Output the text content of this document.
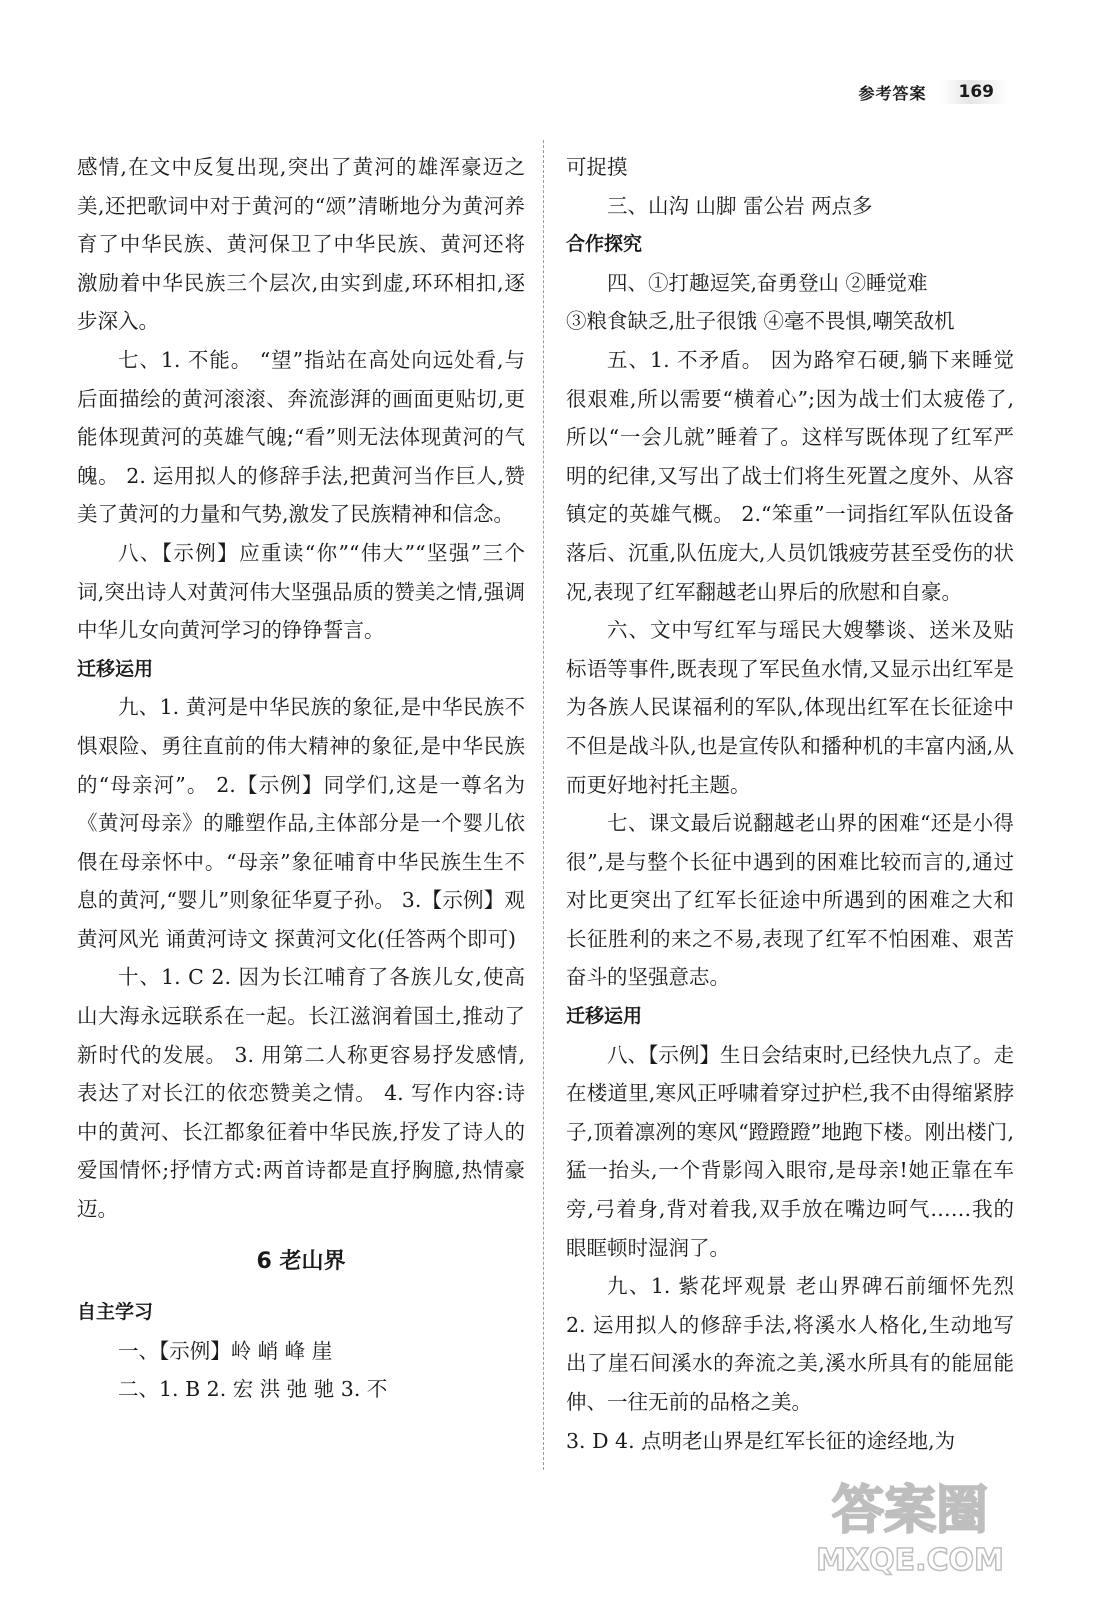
参考答案	169

感情,在文中反复出现,突出了黄河的雄浑豪迈之美,还把歌词中对于黄河的“颂”清晰地分为黄河养育了中华民族、黄河保卫了中华民族、黄河还将激励着中华民族三个层次,由实到虚,环环相扣,逐步深入。

七、1. 不能。 “望”指站在高处向远处看,与后面描绘的黄河滚滚、奔流澎湃的画面更贴切,更能体现黄河的英雄气魄;“看”则无法体现黄河的气魄。 2. 运用拟人的修辞手法,把黄河当作巨人,赞美了黄河的力量和气势,激发了民族精神和信念。

八、【示例】应重读“你”“伟大”“坚强”三个词,突出诗人对黄河伟大坚强品质的赞美之情,强调中华儿女向黄河学习的铮铮誓言。

迁移运用

九、1. 黄河是中华民族的象征,是中华民族不惧艰险、勇往直前的伟大精神的象征,是中华民族的“母亲河”。 2.【示例】同学们,这是一尊名为《黄河母亲》的雕塑作品,主体部分是一个婴儿依偎在母亲怀中。“母亲”象征哺育中华民族生生不息的黄河,“婴儿”则象征华夏子孙。 3.【示例】观黄河风光 诵黄河诗文 探黄河文化(任答两个即可)

十、1. C 2. 因为长江哺育了各族儿女,使高山大海永远联系在一起。长江滋润着国土,推动了新时代的发展。 3. 用第二人称更容易抒发感情,表达了对长江的依恋赞美之情。 4. 写作内容:诗中的黄河、长江都象征着中华民族,抒发了诗人的爱国情怀;抒情方式:两首诗都是直抒胸臆,热情豪迈。

6 老山界

自主学习

一、【示例】岭 峭 峰 崖

二、1. B 2. 宏 洪 弛 驰 3. 不

可捉摸

三、山沟 山脚 雷公岩 两点多

合作探究

四、①打趣逗笑,奋勇登山 ②睡觉难

③粮食缺乏,肚子很饿 ④毫不畏惧,嘲笑敌机

五、1. 不矛盾。 因为路窄石硬,躺下来睡觉很艰难,所以需要“横着心”;因为战士们太疲倦了,所以“一会儿就”睡着了。这样写既体现了红军严明的纪律,又写出了战士们将生死置之度外、从容镇定的英雄气概。 2.“笨重”一词指红军队伍设备落后、沉重,队伍庞大,人员饥饿疲劳甚至受伤的状况,表现了红军翻越老山界后的欣慰和自豪。

六、文中写红军与瑶民大嫂攀谈、送米及贴标语等事件,既表现了军民鱼水情,又显示出红军是为各族人民谋福利的军队,体现出红军在长征途中不但是战斗队,也是宣传队和播种机的丰富内涵,从而更好地衬托主题。

七、课文最后说翻越老山界的困难“还是小得很”,是与整个长征中遇到的困难比较而言的,通过对比更突出了红军长征途中所遇到的困难之大和长征胜利的来之不易,表现了红军不怕困难、艰苦奋斗的坚强意志。

迁移运用

八、【示例】生日会结束时,已经快九点了。走在楼道里,寒风正呼啸着穿过护栏,我不由得缩紧脖子,顶着凛冽的寒风“蹬蹬蹬”地跑下楼。刚出楼门,猛一抬头,一个背影闯入眼帘,是母亲!她正靠在车旁,弓着身,背对着我,双手放在嘴边呵气……我的眼眶顿时湿润了。

九、1. 紫花坪观景 老山界碑石前缅怀先烈 2. 运用拟人的修辞手法,将溪水人格化,生动地写出了崖石间溪水的奔流之美,溪水所具有的能屈能伸、一往无前的品格之美。

3. D 4. 点明老山界是红军长征的途经地,为

答案圈
MXQE.COM
